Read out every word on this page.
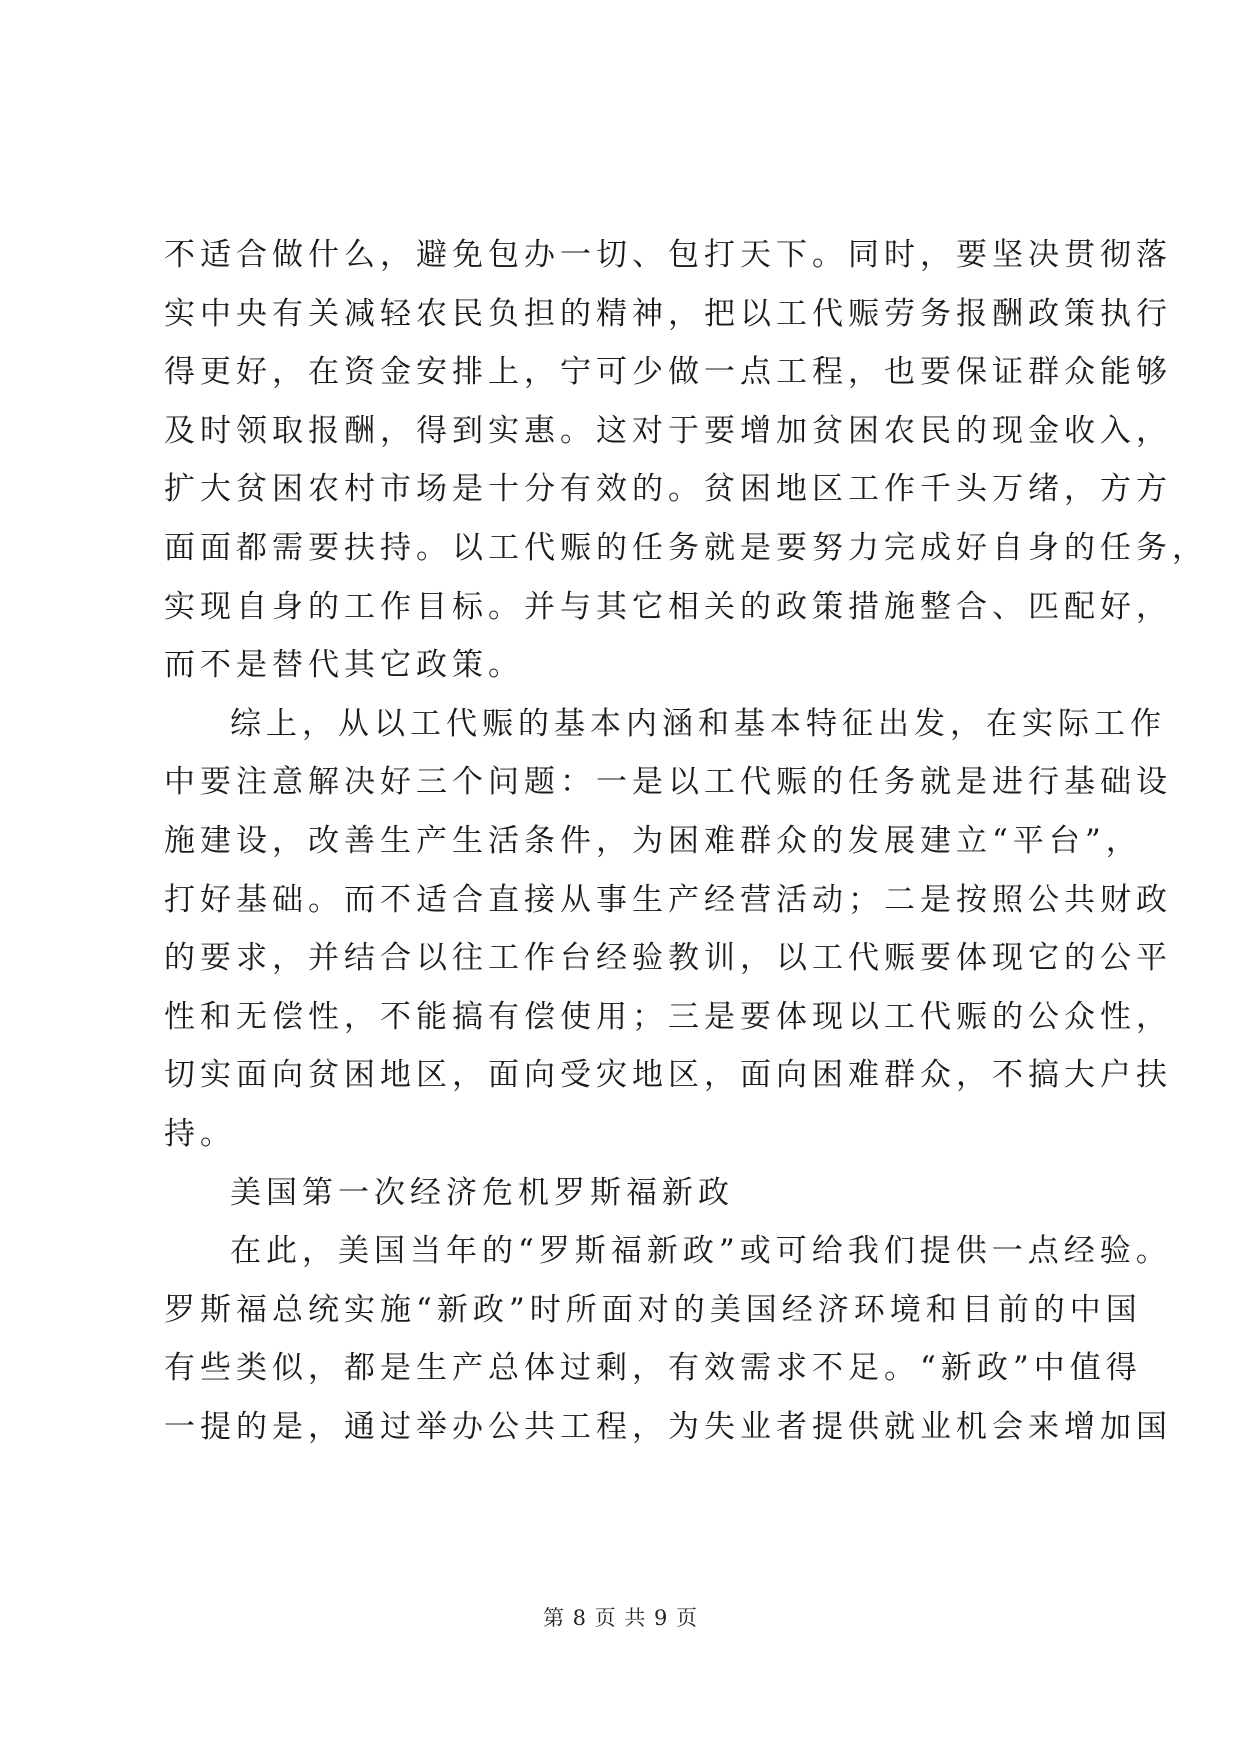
不适合做什么，避免包办一切、包打天下。同时，要坚决贯彻落
实中央有关减轻农民负担的精神，把以工代赈劳务报酬政策执行
得更好，在资金安排上，宁可少做一点工程，也要保证群众能够
及时领取报酬，得到实惠。这对于要增加贫困农民的现金收入，
扩大贫困农村市场是十分有效的。贫困地区工作千头万绪，方方
面面都需要扶持。以工代赈的任务就是要努力完成好自身的任务，
实现自身的工作目标。并与其它相关的政策措施整合、匹配好，
而不是替代其它政策。
综上，从以工代赈的基本内涵和基本特征出发，在实际工作
中要注意解决好三个问题：一是以工代赈的任务就是进行基础设
施建设，改善生产生活条件，为困难群众的发展建立“平台”，
打好基础。而不适合直接从事生产经营活动；二是按照公共财政
的要求，并结合以往工作台经验教训，以工代赈要体现它的公平
性和无偿性，不能搞有偿使用；三是要体现以工代赈的公众性，
切实面向贫困地区，面向受灾地区，面向困难群众，不搞大户扶
持。
美国第一次经济危机罗斯福新政
在此，美国当年的“罗斯福新政”或可给我们提供一点经验。
罗斯福总统实施“新政”时所面对的美国经济环境和目前的中国
有些类似，都是生产总体过剩，有效需求不足。“新政”中值得
一提的是，通过举办公共工程，为失业者提供就业机会来增加国
第 8 页 共 9 页
